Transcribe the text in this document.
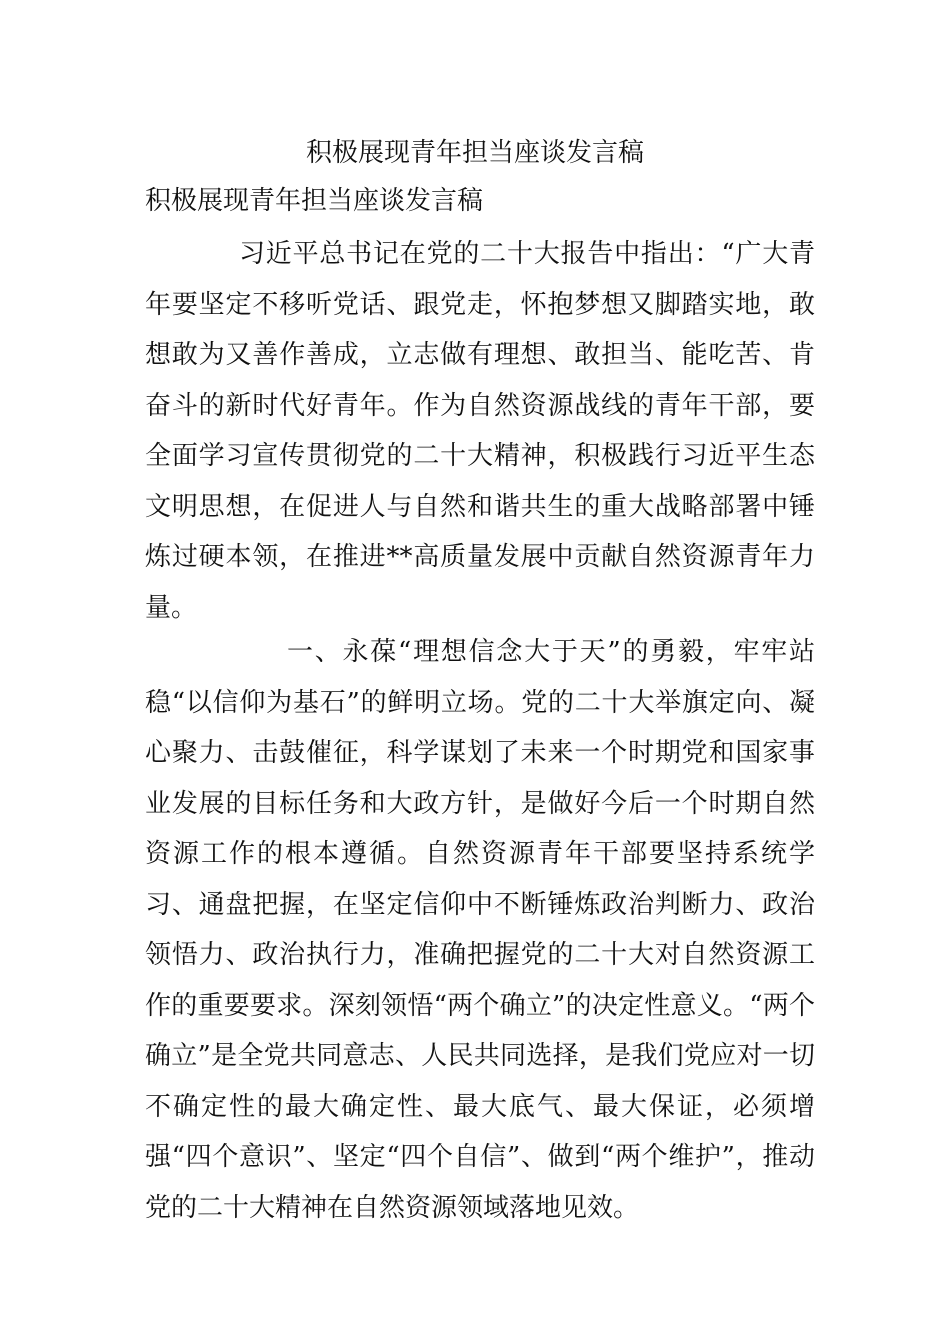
积极展现青年担当座谈发言稿
积极展现青年担当座谈发言稿

习近平总书记在党的二十大报告中指出：“广大青年要坚定不移听党话、跟党走，怀抱梦想又脚踏实地，敢想敢为又善作善成，立志做有理想、敢担当、能吃苦、肯奋斗的新时代好青年。作为自然资源战线的青年干部，要全面学习宣传贯彻党的二十大精神，积极践行习近平生态文明思想，在促进人与自然和谐共生的重大战略部署中锤炼过硬本领，在推进**高质量发展中贡献自然资源青年力量。

一、永葆“理想信念大于天”的勇毅，牢牢站稳“以信仰为基石”的鲜明立场。党的二十大举旗定向、凝心聚力、击鼓催征，科学谋划了未来一个时期党和国家事业发展的目标任务和大政方针，是做好今后一个时期自然资源工作的根本遵循。自然资源青年干部要坚持系统学习、通盘把握，在坚定信仰中不断锤炼政治判断力、政治领悟力、政治执行力，准确把握党的二十大对自然资源工作的重要要求。深刻领悟“两个确立”的决定性意义。“两个确立”是全党共同意志、人民共同选择，是我们党应对一切不确定性的最大确定性、最大底气、最大保证，必须增强“四个意识”、坚定“四个自信”、做到“两个维护”，推动党的二十大精神在自然资源领域落地见效。
